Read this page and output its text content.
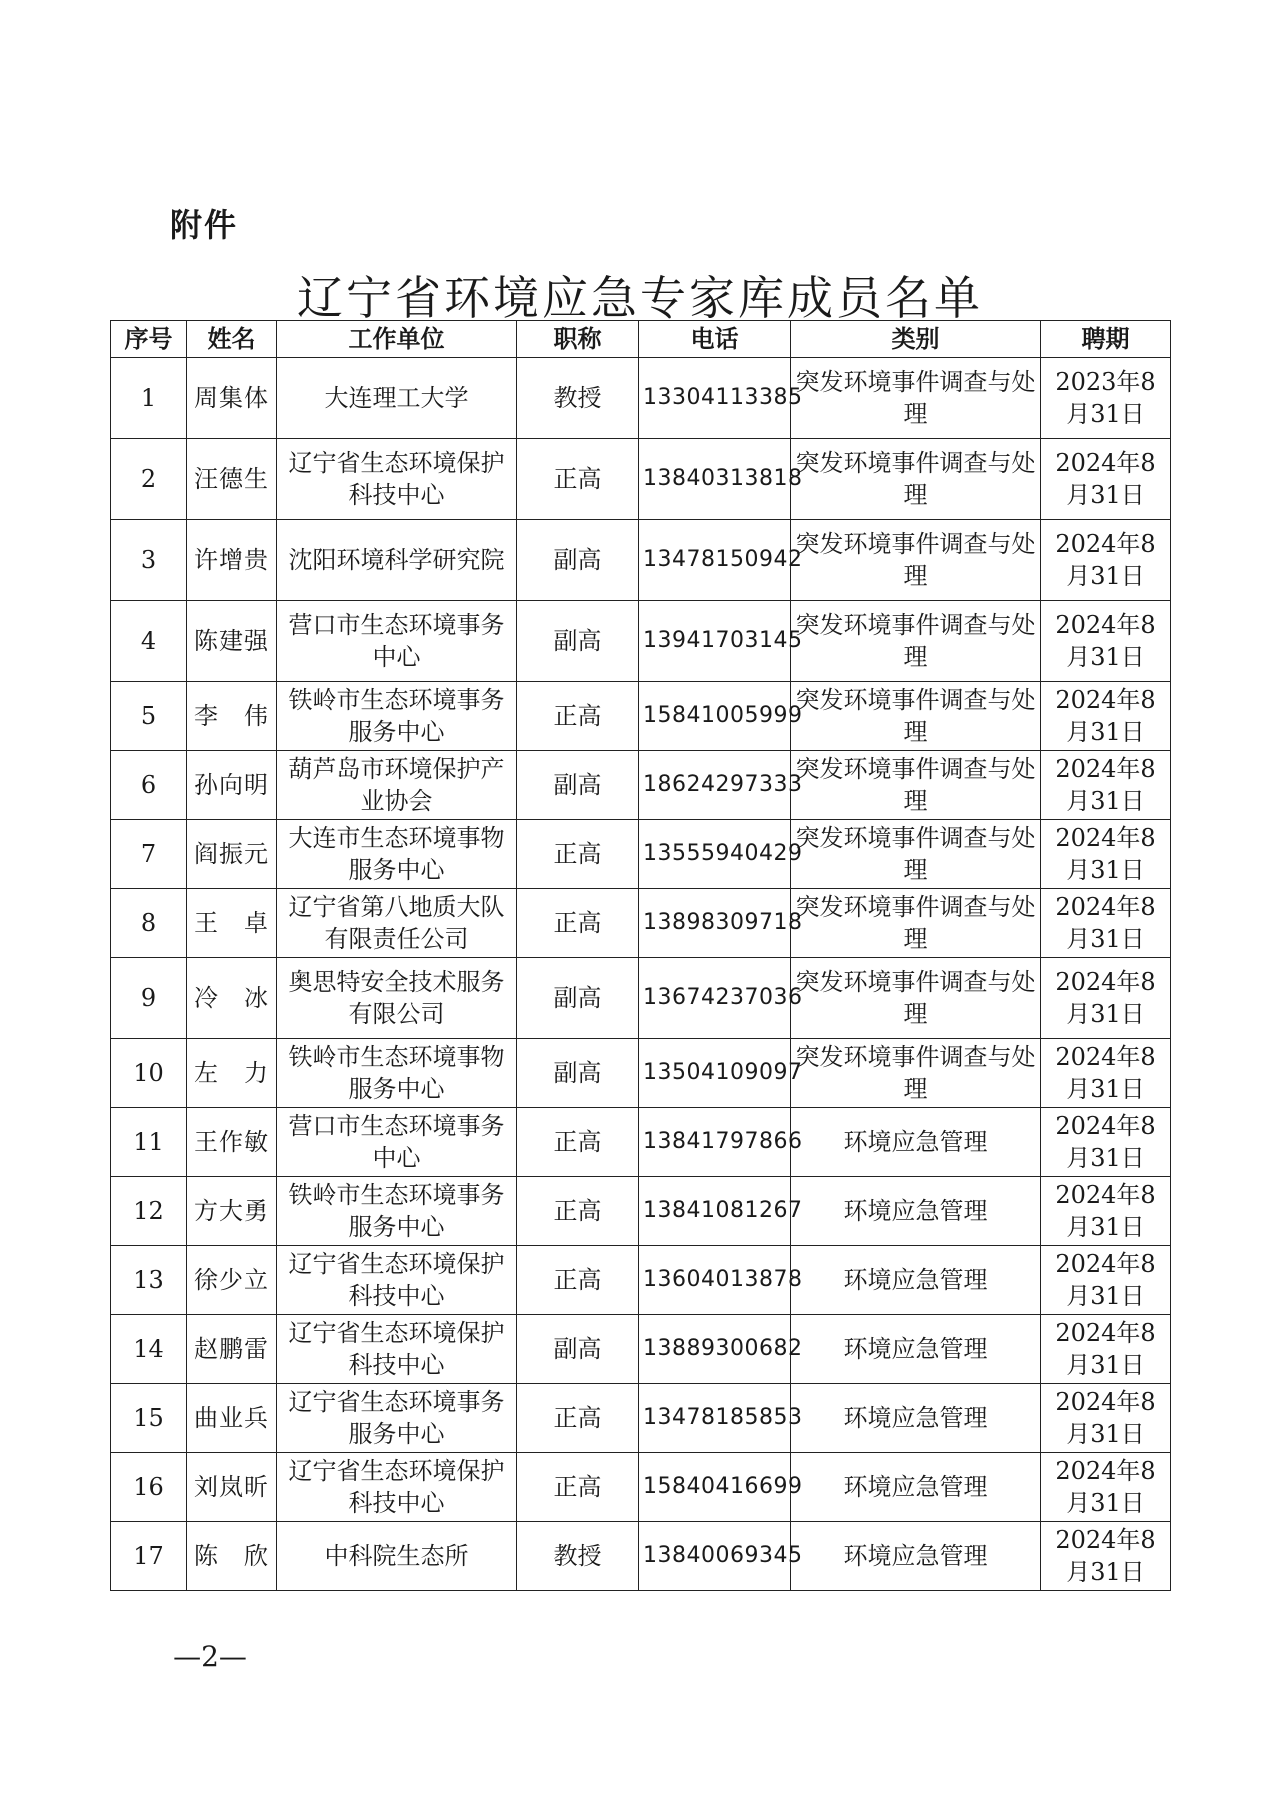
附件
辽宁省环境应急专家库成员名单
序号	姓名	工作单位	职称	电话	类别	聘期
1	周集体	大连理工大学	教授	13304113385	突发环境事件调查与处理	2023年8月31日
2	汪德生	辽宁省生态环境保护科技中心	正高	13840313818	突发环境事件调查与处理	2024年8月31日
3	许增贵	沈阳环境科学研究院	副高	13478150942	突发环境事件调查与处理	2024年8月31日
4	陈建强	营口市生态环境事务中心	副高	13941703145	突发环境事件调查与处理	2024年8月31日
5	李　伟	铁岭市生态环境事务服务中心	正高	15841005999	突发环境事件调查与处理	2024年8月31日
6	孙向明	葫芦岛市环境保护产业协会	副高	18624297333	突发环境事件调查与处理	2024年8月31日
7	阎振元	大连市生态环境事物服务中心	正高	13555940429	突发环境事件调查与处理	2024年8月31日
8	王　卓	辽宁省第八地质大队有限责任公司	正高	13898309718	突发环境事件调查与处理	2024年8月31日
9	冷　冰	奥思特安全技术服务有限公司	副高	13674237036	突发环境事件调查与处理	2024年8月31日
10	左　力	铁岭市生态环境事物服务中心	副高	13504109097	突发环境事件调查与处理	2024年8月31日
11	王作敏	营口市生态环境事务中心	正高	13841797866	环境应急管理	2024年8月31日
12	方大勇	铁岭市生态环境事务服务中心	正高	13841081267	环境应急管理	2024年8月31日
13	徐少立	辽宁省生态环境保护科技中心	正高	13604013878	环境应急管理	2024年8月31日
14	赵鹏雷	辽宁省生态环境保护科技中心	副高	13889300682	环境应急管理	2024年8月31日
15	曲业兵	辽宁省生态环境事务服务中心	正高	13478185853	环境应急管理	2024年8月31日
16	刘岚昕	辽宁省生态环境保护科技中心	正高	15840416699	环境应急管理	2024年8月31日
17	陈　欣	中科院生态所	教授	13840069345	环境应急管理	2024年8月31日
—2—
